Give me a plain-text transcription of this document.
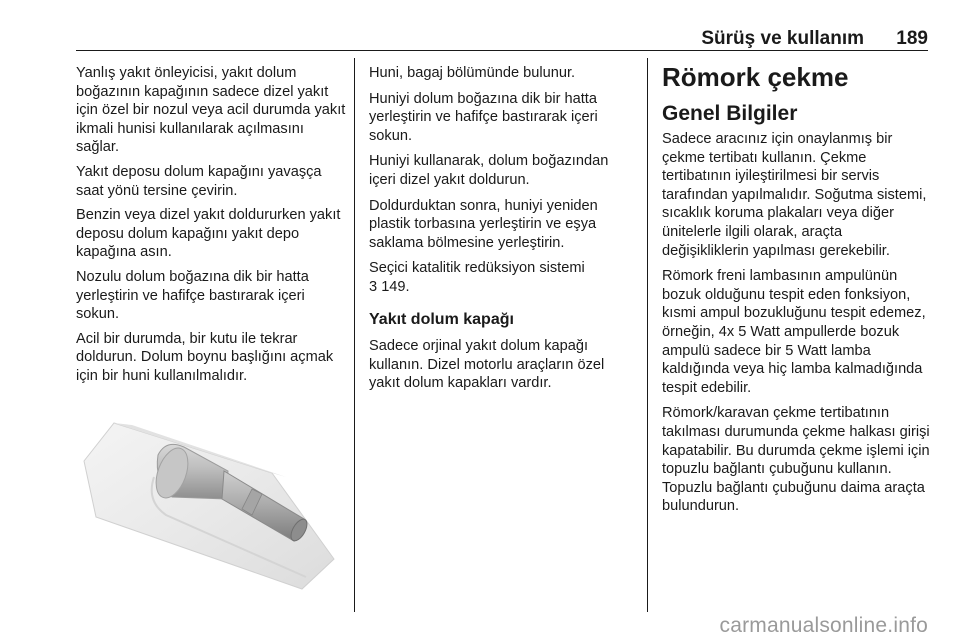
Sürüş ve kullanım 189

Yanlış yakıt önleyicisi, yakıt dolum boğazının kapağının sadece dizel yakıt için özel bir nozul veya acil durumda yakıt ikmali hunisi kullanılarak açılmasını sağlar.

Yakıt deposu dolum kapağını yavaşça saat yönü tersine çevirin.

Benzin veya dizel yakıt doldururken yakıt deposu dolum kapağını yakıt depo kapağına asın.

Nozulu dolum boğazına dik bir hatta yerleştirin ve hafifçe bastırarak içeri sokun.

Acil bir durumda, bir kutu ile tekrar doldurun. Dolum boynu başlığını açmak için bir huni kullanılmalıdır.

Huni, bagaj bölümünde bulunur.

Huniyi dolum boğazına dik bir hatta yerleştirin ve hafifçe bastırarak içeri sokun.

Huniyi kullanarak, dolum boğazından içeri dizel yakıt doldurun.

Doldurduktan sonra, huniyi yeniden plastik torbasına yerleştirin ve eşya saklama bölmesine yerleştirin.

Seçici katalitik redüksiyon sistemi
3 149.

Yakıt dolum kapağı

Sadece orjinal yakıt dolum kapağı kullanın. Dizel motorlu araçların özel yakıt dolum kapakları vardır.

Römork çekme
Genel Bilgiler

Sadece aracınız için onaylanmış bir çekme tertibatı kullanın. Çekme tertibatının iyileştirilmesi bir servis tarafından yapılmalıdır. Soğutma sistemi, sıcaklık koruma plakaları veya diğer ünitelerle ilgili olarak, araçta değişikliklerin yapılması gerekebilir.

Römork freni lambasının ampulünün bozuk olduğunu tespit eden fonksiyon, kısmi ampul bozukluğunu tespit edemez, örneğin, 4x 5 Watt ampullerde bozuk ampulü sadece bir 5 Watt lamba kaldığında veya hiç lamba kalmadığında tespit edebilir.

Römork/karavan çekme tertibatının takılması durumunda çekme halkası girişi kapatabilir. Bu durumda çekme işlemi için topuzlu bağlantı çubuğunu kullanın. Topuzlu bağlantı çubuğunu daima araçta bulundurun.

carmanualsonline.info
